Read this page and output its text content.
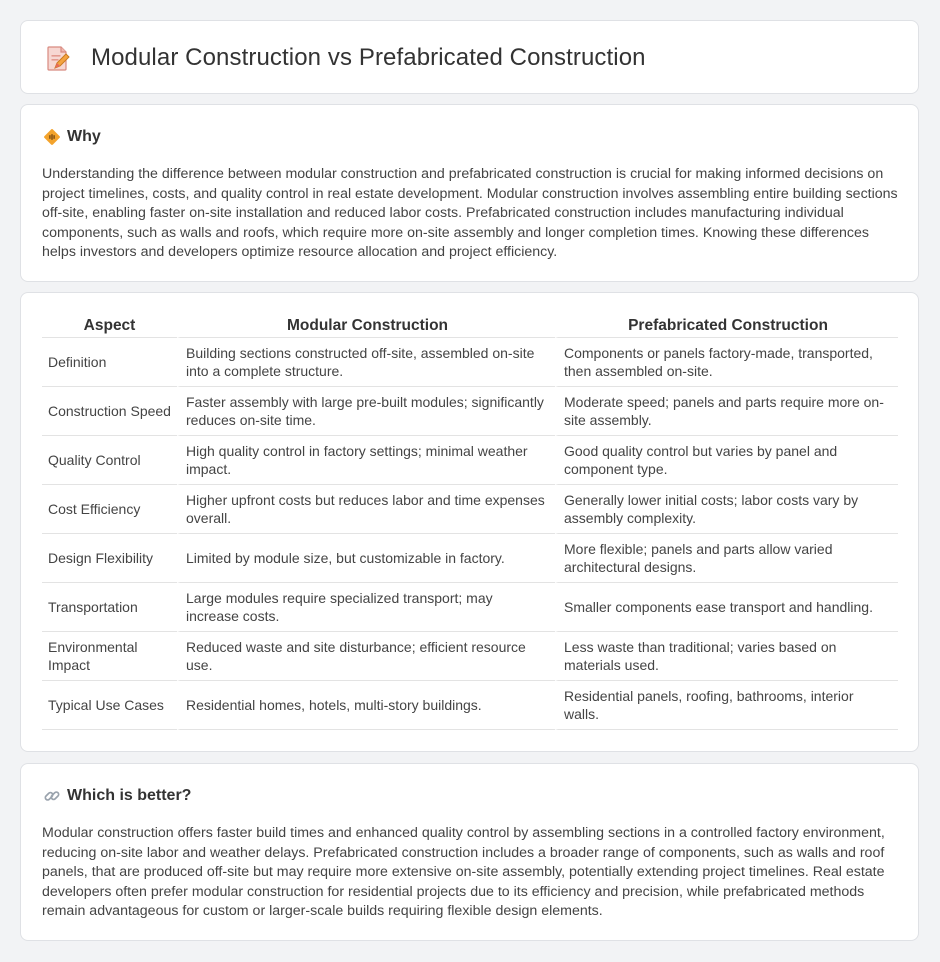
Modular Construction vs Prefabricated Construction
Why

Understanding the difference between modular construction and prefabricated construction is crucial for making informed decisions on project timelines, costs, and quality control in real estate development. Modular construction involves assembling entire building sections off-site, enabling faster on-site installation and reduced labor costs. Prefabricated construction includes manufacturing individual components, such as walls and roofs, which require more on-site assembly and longer completion times. Knowing these differences helps investors and developers optimize resource allocation and project efficiency.

Aspect	Modular Construction	Prefabricated Construction
Definition	Building sections constructed off-site, assembled on-site into a complete structure.	Components or panels factory-made, transported, then assembled on-site.
Construction Speed	Faster assembly with large pre-built modules; significantly reduces on-site time.	Moderate speed; panels and parts require more on-site assembly.
Quality Control	High quality control in factory settings; minimal weather impact.	Good quality control but varies by panel and component type.
Cost Efficiency	Higher upfront costs but reduces labor and time expenses overall.	Generally lower initial costs; labor costs vary by assembly complexity.
Design Flexibility	Limited by module size, but customizable in factory.	More flexible; panels and parts allow varied architectural designs.
Transportation	Large modules require specialized transport; may increase costs.	Smaller components ease transport and handling.
Environmental Impact	Reduced waste and site disturbance; efficient resource use.	Less waste than traditional; varies based on materials used.
Typical Use Cases	Residential homes, hotels, multi-story buildings.	Residential panels, roofing, bathrooms, interior walls.
Which is better?

Modular construction offers faster build times and enhanced quality control by assembling sections in a controlled factory environment, reducing on-site labor and weather delays. Prefabricated construction includes a broader range of components, such as walls and roof panels, that are produced off-site but may require more extensive on-site assembly, potentially extending project timelines. Real estate developers often prefer modular construction for residential projects due to its efficiency and precision, while prefabricated methods remain advantageous for custom or larger-scale builds requiring flexible design elements.
